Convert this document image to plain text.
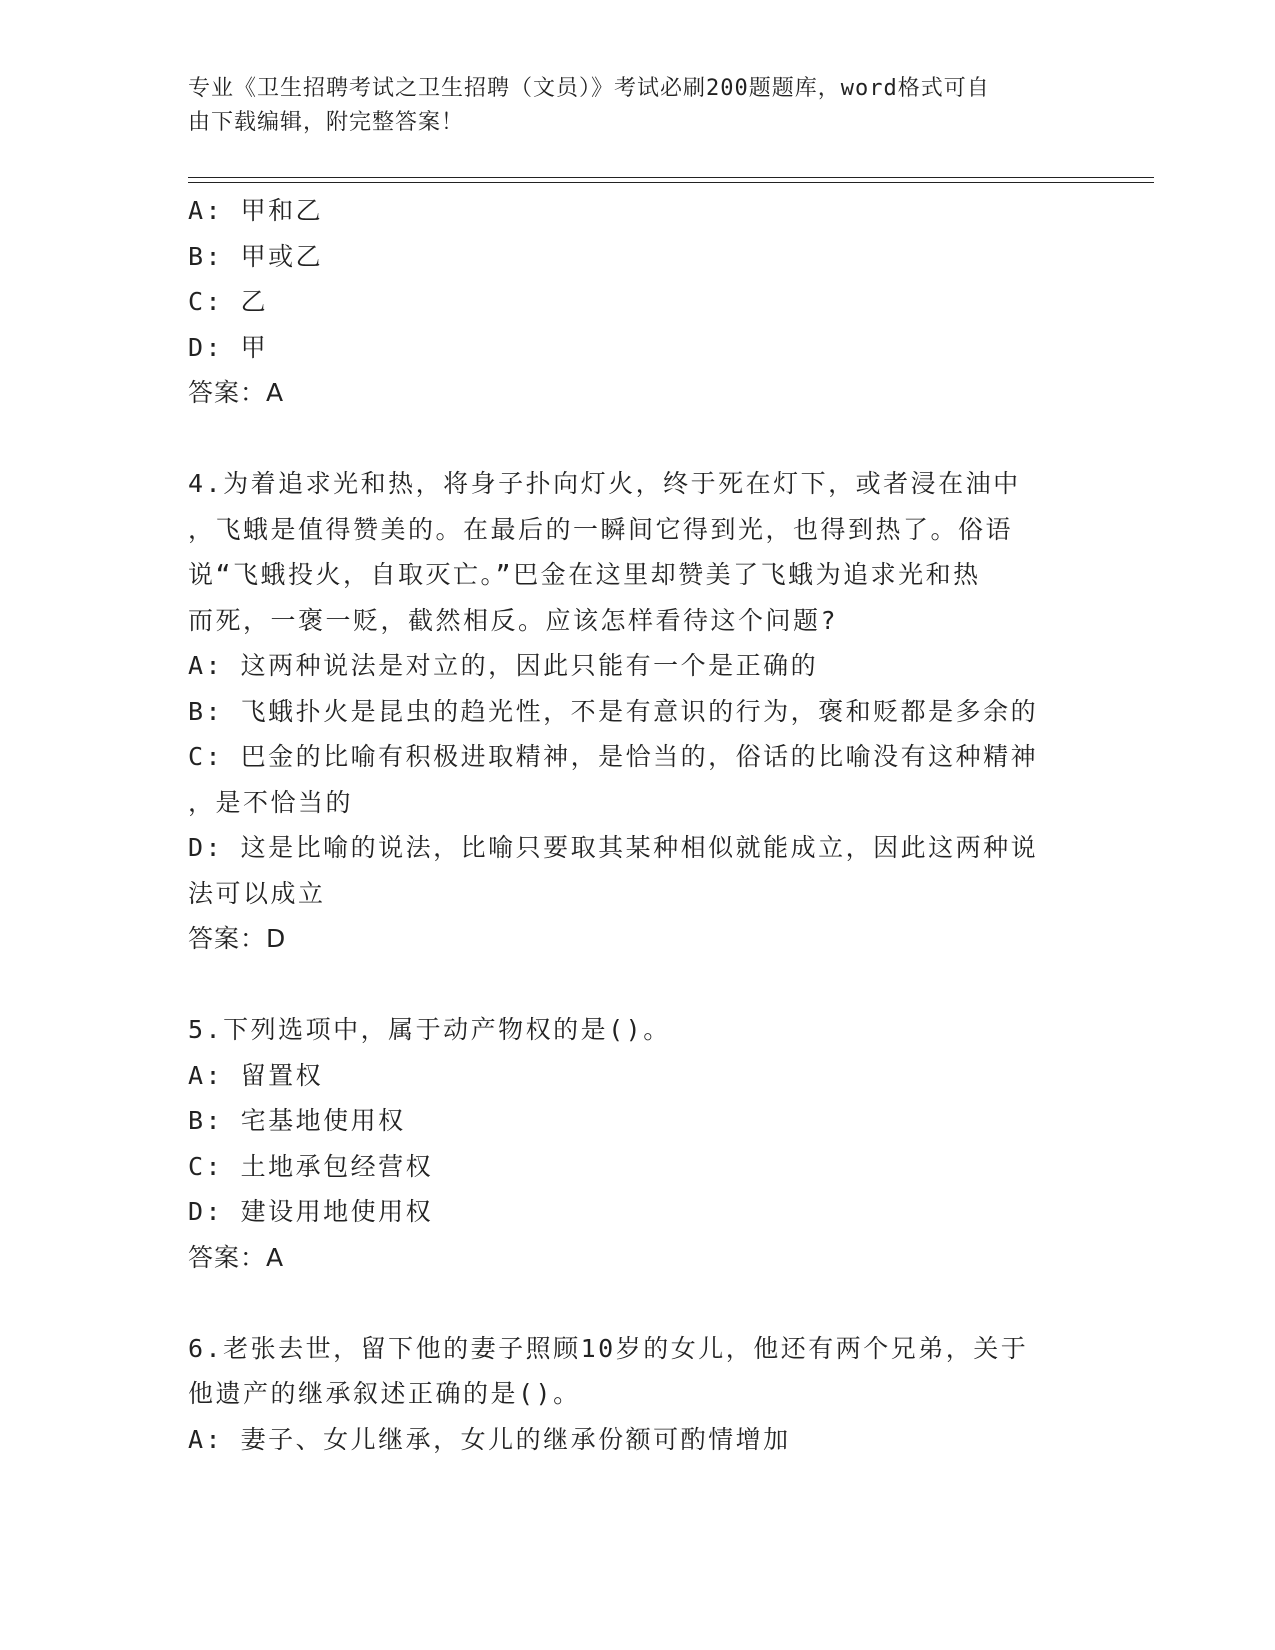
专业《卫生招聘考试之卫生招聘（文员）》考试必刷200题题库，word格式可自
由下载编辑，附完整答案！
A: 甲和乙
B: 甲或乙
C: 乙
D: 甲
答案：A
4.为着追求光和热，将身子扑向灯火，终于死在灯下，或者浸在油中
，飞蛾是值得赞美的。在最后的一瞬间它得到光，也得到热了。俗语
说“飞蛾投火，自取灭亡。”巴金在这里却赞美了飞蛾为追求光和热
而死，一褒一贬，截然相反。应该怎样看待这个问题?
A: 这两种说法是对立的，因此只能有一个是正确的
B: 飞蛾扑火是昆虫的趋光性，不是有意识的行为，褒和贬都是多余的
C: 巴金的比喻有积极进取精神，是恰当的，俗话的比喻没有这种精神
，是不恰当的
D: 这是比喻的说法，比喻只要取其某种相似就能成立，因此这两种说
法可以成立
答案：D
5.下列选项中，属于动产物权的是()。
A: 留置权
B: 宅基地使用权
C: 土地承包经营权
D: 建设用地使用权
答案：A
6.老张去世，留下他的妻子照顾10岁的女儿，他还有两个兄弟，关于
他遗产的继承叙述正确的是()。
A: 妻子、女儿继承，女儿的继承份额可酌情增加
